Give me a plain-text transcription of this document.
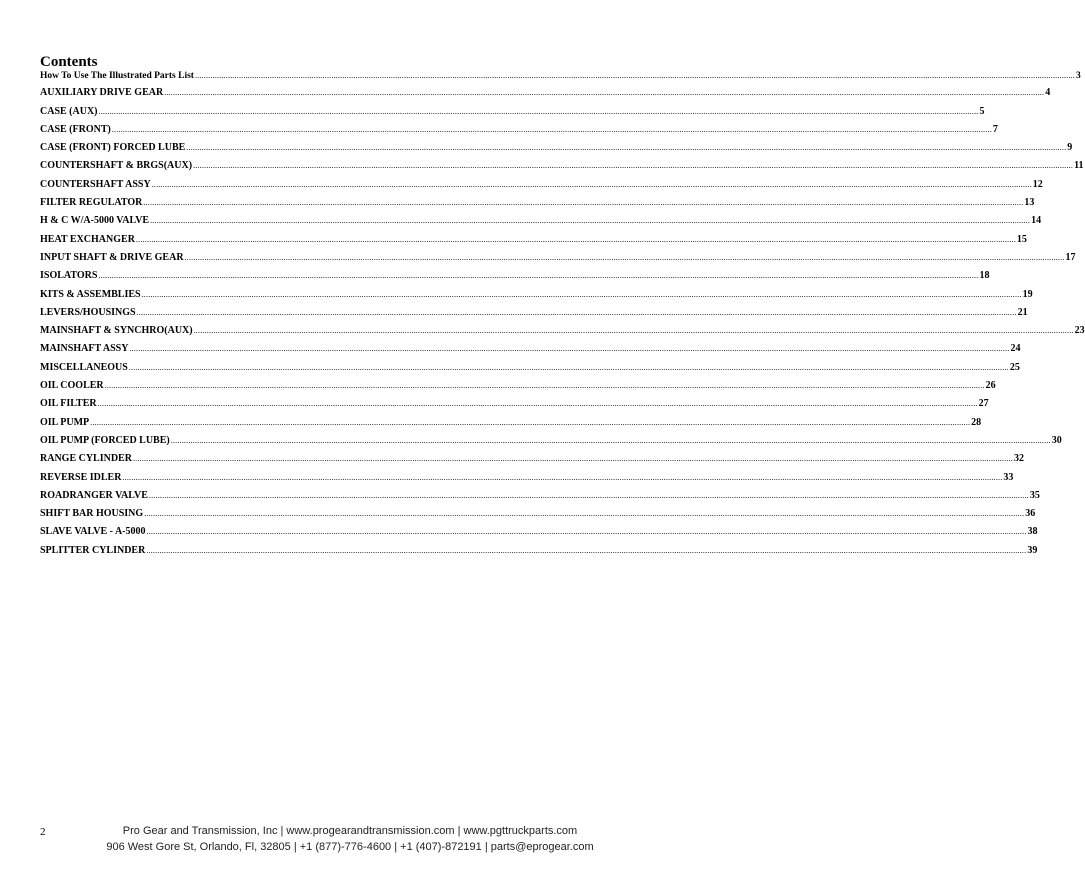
Contents
How To Use The Illustrated Parts List ................................................................................................................................................................................................................................................................................................................................................................................................................ 3
AUXILIARY DRIVE GEAR ................................................................................................................................................................................................................................................................................................................................................................................................................ 4
CASE (AUX) ................................................................................................................................................................................................................................................................................................................................................................................................................ 5
CASE (FRONT) ................................................................................................................................................................................................................................................................................................................................................................................................................ 7
CASE (FRONT) FORCED LUBE ................................................................................................................................................................................................................................................................................................................................................................................................................ 9
COUNTERSHAFT & BRGS(AUX) ................................................................................................................................................................................................................................................................................................................................................................................................................ 11
COUNTERSHAFT ASSY ................................................................................................................................................................................................................................................................................................................................................................................................................ 12
FILTER REGULATOR ................................................................................................................................................................................................................................................................................................................................................................................................................ 13
H & C W/A-5000 VALVE ................................................................................................................................................................................................................................................................................................................................................................................................................ 14
HEAT EXCHANGER ................................................................................................................................................................................................................................................................................................................................................................................................................ 15
INPUT SHAFT & DRIVE GEAR ................................................................................................................................................................................................................................................................................................................................................................................................................ 17
ISOLATORS ................................................................................................................................................................................................................................................................................................................................................................................................................ 18
KITS & ASSEMBLIES ................................................................................................................................................................................................................................................................................................................................................................................................................ 19
LEVERS/HOUSINGS ................................................................................................................................................................................................................................................................................................................................................................................................................ 21
MAINSHAFT & SYNCHRO(AUX) ................................................................................................................................................................................................................................................................................................................................................................................................................ 23
MAINSHAFT ASSY ................................................................................................................................................................................................................................................................................................................................................................................................................ 24
MISCELLANEOUS ................................................................................................................................................................................................................................................................................................................................................................................................................ 25
OIL COOLER ................................................................................................................................................................................................................................................................................................................................................................................................................ 26
OIL FILTER ................................................................................................................................................................................................................................................................................................................................................................................................................ 27
OIL PUMP ................................................................................................................................................................................................................................................................................................................................................................................................................ 28
OIL PUMP (FORCED LUBE) ................................................................................................................................................................................................................................................................................................................................................................................................................ 30
RANGE CYLINDER ................................................................................................................................................................................................................................................................................................................................................................................................................ 32
REVERSE IDLER ................................................................................................................................................................................................................................................................................................................................................................................................................ 33
ROADRANGER VALVE ................................................................................................................................................................................................................................................................................................................................................................................................................ 35
SHIFT BAR HOUSING ................................................................................................................................................................................................................................................................................................................................................................................................................ 36
SLAVE VALVE - A-5000 ................................................................................................................................................................................................................................................................................................................................................................................................................ 38
SPLITTER CYLINDER ................................................................................................................................................................................................................................................................................................................................................................................................................ 39
2	Pro Gear and Transmission, Inc | www.progearandtransmission.com | www.pgttruckparts.com
906 West Gore St, Orlando, Fl, 32805 | +1 (877)-776-4600 | +1 (407)-872191 | parts@eprogear.com
